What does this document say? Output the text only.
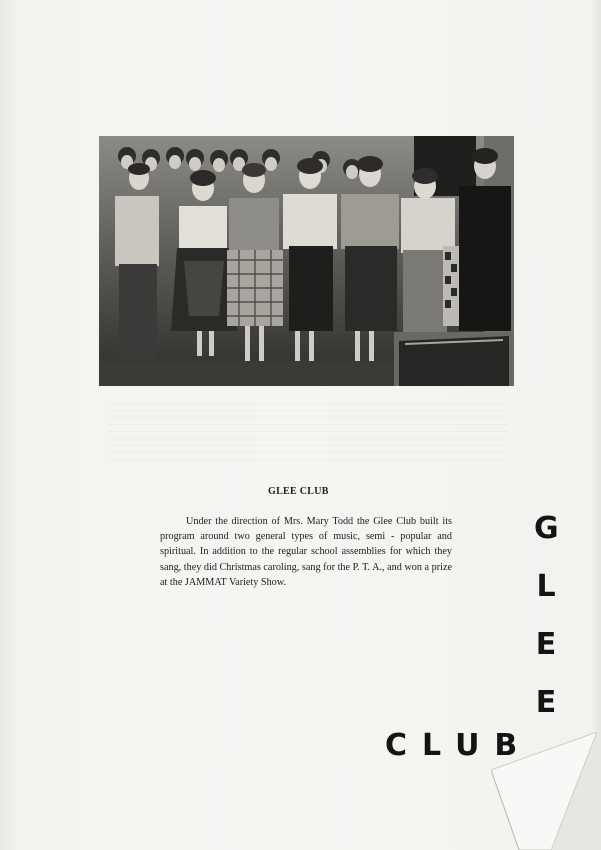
GLEE CLUB
Under the direction of Mrs. Mary Todd the Glee Club built its program around two general types of music, semi - popular and spiritual. In addition to the regular school assemblies for which they sang, they did Christmas caroling, sang for the P. T. A., and won a prize at the JAMMAT Variety Show.
G
L
E
E
CLUB
